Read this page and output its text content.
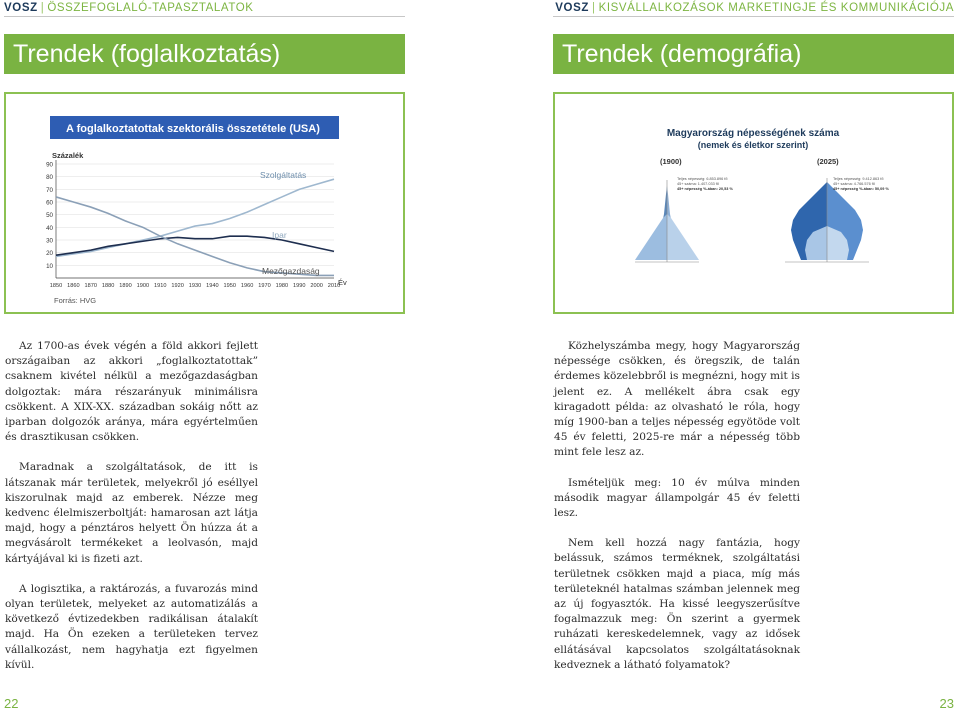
VOSZ | ÖSSZEFOGLALÓ-TAPASZTALATOK
Trendek (foglalkoztatás)
A foglalkoztatottak szektorális összetétele (USA)
Százalék
Év
Forrás: HVG
10
20
30
40
50
60
70
80
90
1850 1860 1870 1880 1890 1900 1910 1920 1930 1940 1950 1960 1970 1980 1990 2000 2010
Szolgáltatás
Ipar
Mezőgazdaság

Az 1700-as évek végén a föld akkori fejlett országaiban az akkori „foglalkoztatottak” csaknem kivétel nélkül a mezőgazdaságban dolgoztak: mára részarányuk minimálisra csökkent. A XIX-XX. században sokáig nőtt az iparban dolgozók aránya, mára egyértelműen és drasztikusan csökken.

Maradnak a szolgáltatások, de itt is látszanak már területek, melyekről jó eséllyel kiszorulnak majd az emberek. Nézze meg kedvenc élelmiszerboltját: hamarosan azt látja majd, hogy a pénztáros helyett Ön húzza át a megvásárolt termékeket a leolvasón, majd kártyájával ki is fizeti azt.

A logisztika, a raktározás, a fuvarozás mind olyan területek, melyeket az automatizálás a következő évtizedekben radikálisan átalakít majd. Ha Ön ezeken a területeken tervez vállalkozást, nem hagyhatja ezt figyelmen kívül.

22
VOSZ | KISVÁLLALKOZÁSOK MARKETINGJE ÉS KOMMUNIKÁCIÓJA
Trendek (demográfia)
Magyarország népességének száma
(nemek és életkor szerint)
(1900)	(2025)
Teljes népesség: 6.853.896 fő
45+ száma: 1.407.033 fő
45+ népesség %-ában: 20,53 %
Teljes népesség: 9.412.863 fő
45+ száma: 4.766.576 fő
45+ népesség %-ában: 50,09 %

Közhelyszámba megy, hogy Magyarország népessége csökken, és öregszik, de talán érdemes közelebbről is megnézni, hogy mit is jelent ez. A mellékelt ábra csak egy kiragadott példa: az olvasható le róla, hogy míg 1900-ban a teljes népesség egyötöde volt 45 év feletti, 2025-re már a népesség több mint fele lesz az.

Ismételjük meg: 10 év múlva minden második magyar állampolgár 45 év feletti lesz.

Nem kell hozzá nagy fantázia, hogy belássuk, számos terméknek, szolgáltatási területnek csökken majd a piaca, míg más területeknél hatalmas számban jelennek meg az új fogyasztók. Ha kissé leegyszerűsítve fogalmazzuk meg: Ön szerint a gyermek ruházati kereskedelemnek, vagy az idősek ellátásával kapcsolatos szolgáltatásoknak kedveznek a látható folyamatok?

23
